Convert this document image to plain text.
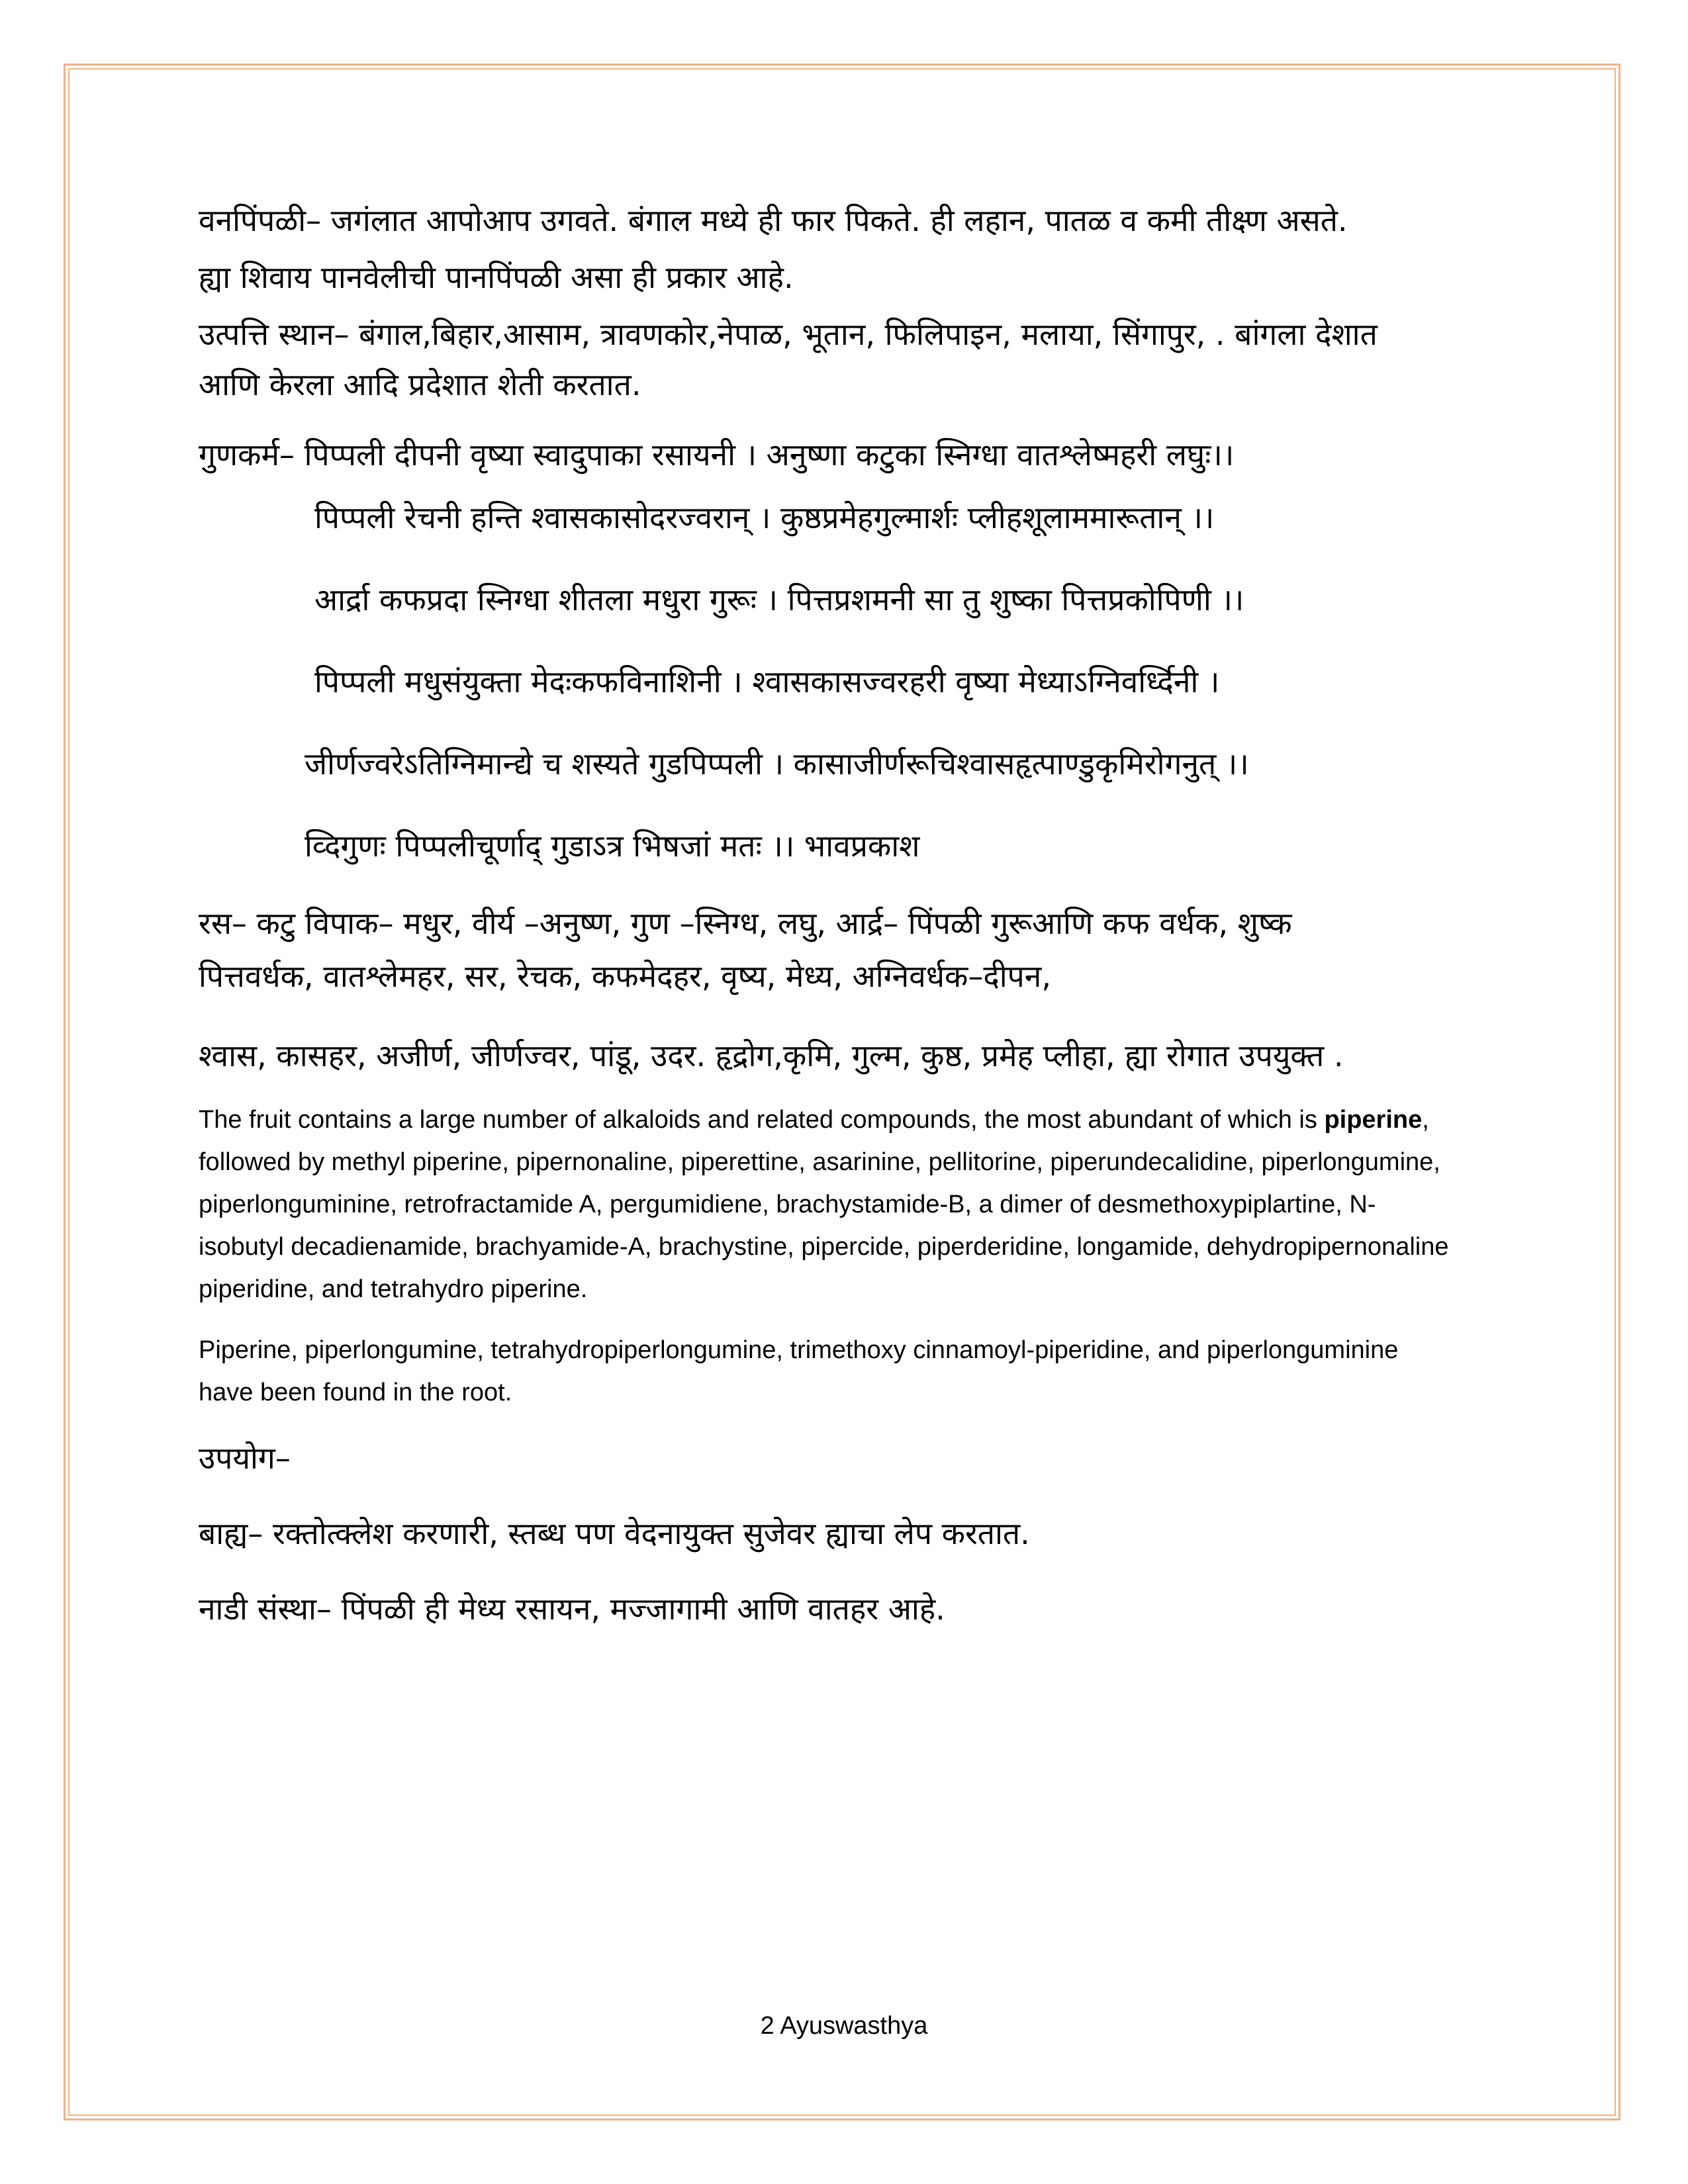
वनपिंपळी– जगंलात आपोआप उगवते. बंगाल मध्ये ही फार पिकते. ही लहान, पातळ व कमी तीक्ष्ण असते.

ह्या शिवाय पानवेलीची पानपिंपळी असा ही प्रकार आहे.

उत्पत्ति स्थान– बंगाल,बिहार,आसाम, त्रावणकोर,नेपाळ, भूतान, फिलिपाइन, मलाया, सिंगापुर, . बांगला देशात

आणि केरला आदि प्रदेशात शेती करतात.

गुणकर्म– पिप्पली दीपनी वृष्या स्वादुपाका रसायनी । अनुष्णा कटुका स्निग्धा वातश्लेष्महरी लघुः।।

पिप्पली रेचनी हन्ति श्वासकासोदरज्वरान् । कुष्ठप्रमेहगुल्मार्शः प्लीहशूलाममारूतान् ।।

आर्द्रा कफप्रदा स्निग्धा शीतला मधुरा गुरूः । पित्तप्रशमनी सा तु शुष्का पित्तप्रकोपिणी ।।

पिप्पली मधुसंयुक्ता मेदःकफविनाशिनी । श्वासकासज्वरहरी वृष्या मेध्याऽग्निवर्ध्दिनी ।

जीर्णज्वरेऽतिग्निमान्द्ये च शस्यते गुडपिप्पली । कासाजीर्णरूचिश्वासहृत्पाण्डुकृमिरोगनुत् ।।

व्दिगुणः पिप्पलीचूर्णाद् गुडाऽत्र भिषजां मतः ।। भावप्रकाश

रस– कटु विपाक– मधुर, वीर्य –अनुष्ण, गुण –स्निग्ध, लघु, आर्द्र– पिंपळी गुरूआणि कफ वर्धक, शुष्क

पित्तवर्धक, वातश्लेमहर, सर, रेचक, कफमेदहर, वृष्य, मेध्य, अग्निवर्धक–दीपन,

श्वास, कासहर, अजीर्ण, जीर्णज्वर, पांडू, उदर. हृद्रोग,कृमि, गुल्म, कुष्ठ, प्रमेह प्लीहा, ह्या रोगात उपयुक्त .

The fruit contains a large number of alkaloids and related compounds, the most abundant of which is piperine, followed by methyl piperine, pipernonaline, piperettine, asarinine, pellitorine, piperundecalidine, piperlongumine, piperlonguminine, retrofractamide A, pergumidiene, brachystamide-B, a dimer of desmethoxypiplartine, N-isobutyl decadienamide, brachyamide-A, brachystine, pipercide, piperderidine, longamide, dehydropipernonaline piperidine, and tetrahydro piperine.

Piperine, piperlongumine, tetrahydropiperlongumine, trimethoxy cinnamoyl-piperidine, and piperlonguminine have been found in the root.

उपयोग–

बाह्य– रक्तोत्क्लेश करणारी, स्तब्ध पण वेदनायुक्त सुजेवर ह्याचा लेप करतात.

नाडी संस्था– पिंपळी ही मेध्य रसायन, मज्जागामी आणि वातहर आहे.

2 Ayuswasthya
